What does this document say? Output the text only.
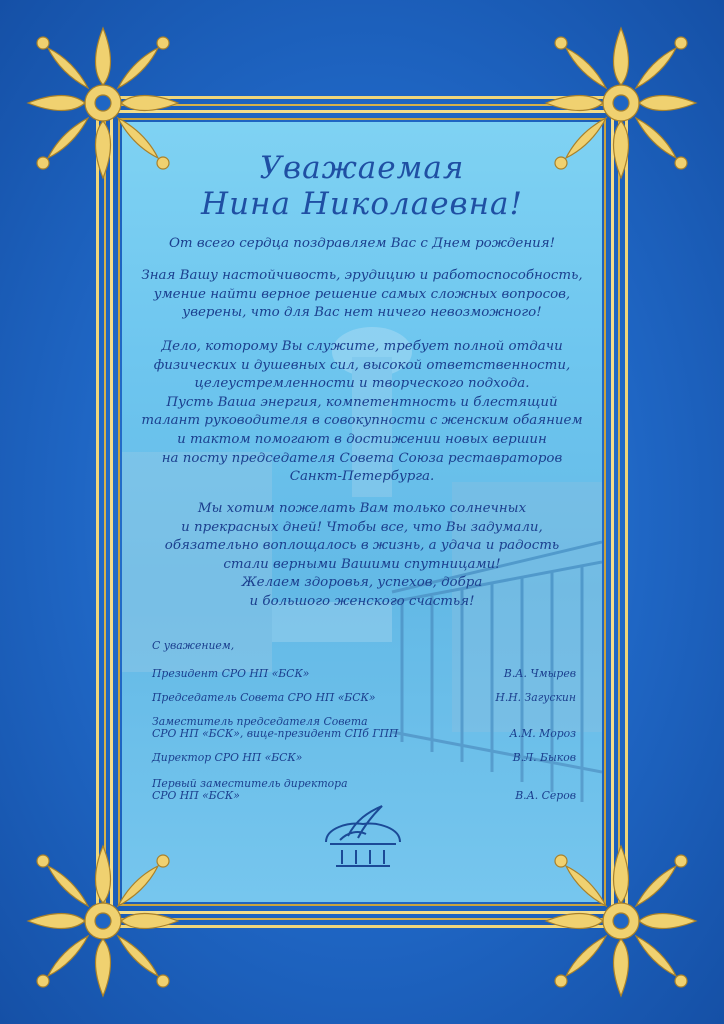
Уважаемая
Нина Николаевна!
От всего сердца поздравляем Вас с Днем рождения!
Зная Вашу настойчивость, эрудицию и работоспособность,
умение найти верное решение самых сложных вопросов,
уверены, что для Вас нет ничего невозможного!
Дело, которому Вы служите, требует полной отдачи
физических и душевных сил, высокой ответственности,
целеустремленности и творческого подхода.
Пусть Ваша энергия, компетентность и блестящий
талант руководителя в совокупности с женским обаянием
и тактом помогают в достижении новых вершин
на посту председателя Совета Союза реставраторов
Санкт-Петербурга.
Мы хотим пожелать Вам только солнечных
и прекрасных дней! Чтобы все, что Вы задумали,
обязательно воплощалось в жизнь, а удача и радость
стали верными Вашими спутницами!
Желаем здоровья, успехов, добра
и большого женского счастья!
С уважением,
Президент СРО НП «БСК»	В.А. Чмырев
Председатель Совета СРО НП «БСК»	Н.Н. Загускин
Заместитель председателя Совета
СРО НП «БСК», вице-президент СПб ГПП	А.М. Мороз
Директор СРО НП «БСК»	В.Л. Быков
Первый заместитель директора
СРО НП «БСК»	В.А. Серов
